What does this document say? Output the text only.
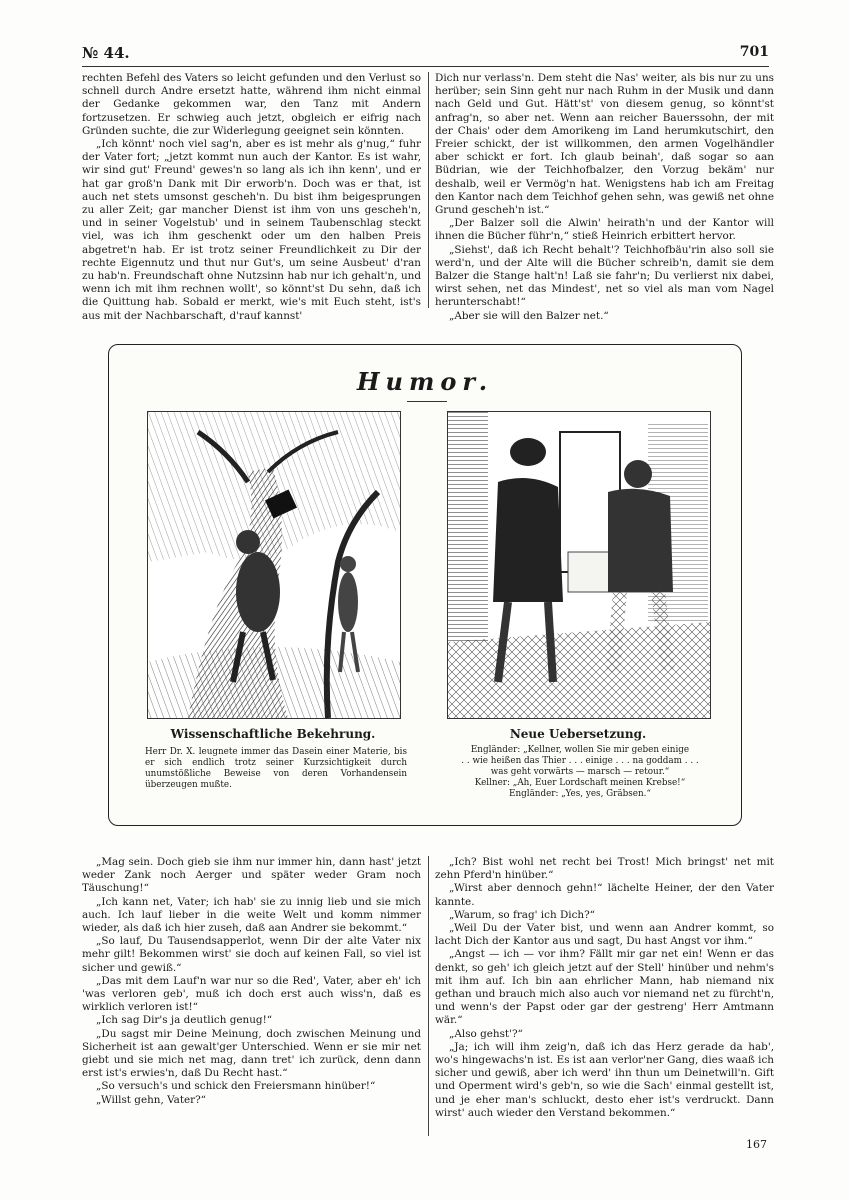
№ 44.	701

rechten Befehl des Vaters so leicht gefunden und den Verlust so schnell durch Andre ersetzt hatte, während ihm nicht einmal der Gedanke gekommen war, den Tanz mit Andern fortzusetzen. Er schwieg auch jetzt, obgleich er eifrig nach Gründen suchte, die zur Widerlegung geeignet sein könnten.

„Ich könnt' noch viel sag'n, aber es ist mehr als g'nug,“ fuhr der Vater fort; „jetzt kommt nun auch der Kantor. Es ist wahr, wir sind gut' Freund' gewes'n so lang als ich ihn kenn', und er hat gar groß'n Dank mit Dir erworb'n. Doch was er that, ist auch net stets umsonst gescheh'n. Du bist ihm beigesprungen zu aller Zeit; gar mancher Dienst ist ihm von uns gescheh'n, und in seiner Vogelstub' und in seinem Taubenschlag steckt viel, was ich ihm geschenkt oder um den halben Preis abgetret'n hab. Er ist trotz seiner Freundlichkeit zu Dir der rechte Eigennutz und thut nur Gut's, um seine Ausbeut' d'ran zu hab'n. Freundschaft ohne Nutzsinn hab nur ich gehalt'n, und wenn ich mit ihm rechnen wollt', so könnt'st Du sehn, daß ich die Quittung hab. Sobald er merkt, wie's mit Euch steht, ist's aus mit der Nachbarschaft, d'rauf kannst'

Dich nur verlass'n. Dem steht die Nas' weiter, als bis nur zu uns herüber; sein Sinn geht nur nach Ruhm in der Musik und dann nach Geld und Gut. Hätt'st' von diesem genug, so könnt'st anfrag'n, so aber net. Wenn aan reicher Bauerssohn, der mit der Chais' oder dem Amorikeng im Land herumkutschirt, den Freier schickt, der ist willkommen, den armen Vogelhändler aber schickt er fort. Ich glaub beinah', daß sogar so aan Büdrian, wie der Teichhofbalzer, den Vorzug bekäm' nur deshalb, weil er Vermög'n hat. Wenigstens hab ich am Freitag den Kantor nach dem Teichhof gehen sehn, was gewiß net ohne Grund gescheh'n ist.“

„Der Balzer soll die Alwin' heirath'n und der Kantor will ihnen die Bücher führ'n,“ stieß Heinrich erbittert hervor.

„Siehst', daß ich Recht behalt'? Teichhofbäu'rin also soll sie werd'n, und der Alte will die Bücher schreib'n, damit sie dem Balzer die Stange halt'n! Laß sie fahr'n; Du verlierst nix dabei, wirst sehen, net das Mindest', net so viel als man vom Nagel herunterschabt!“

„Aber sie will den Balzer net.“

Humor.
Wissenschaftliche Bekehrung.	Neue Uebersetzung.
Herr Dr. X. leugnete immer das Dasein einer Materie, bis er sich endlich trotz seiner Kurzsichtigkeit durch unumstößliche Beweise von deren Vorhandensein überzeugen mußte.
Engländer: „Kellner, wollen Sie mir geben einige
. . wie heißen das Thier . . . einige . . . na goddam . . .
was geht vorwärts — marsch — retour.“
Kellner: „Ah, Euer Lordschaft meinen Krebse!“
Engländer: „Yes, yes, Gräbsen.“

„Mag sein. Doch gieb sie ihm nur immer hin, dann hast' jetzt weder Zank noch Aerger und später weder Gram noch Täuschung!“

„Ich kann net, Vater; ich hab' sie zu innig lieb und sie mich auch. Ich lauf lieber in die weite Welt und komm nimmer wieder, als daß ich hier zuseh, daß aan Andrer sie bekommt.“

„So lauf, Du Tausendsapperlot, wenn Dir der alte Vater nix mehr gilt! Bekommen wirst' sie doch auf keinen Fall, so viel ist sicher und gewiß.“

„Das mit dem Lauf'n war nur so die Red', Vater, aber eh' ich 'was verloren geb', muß ich doch erst auch wiss'n, daß es wirklich verloren ist!“

„Ich sag Dir's ja deutlich genug!“

„Du sagst mir Deine Meinung, doch zwischen Meinung und Sicherheit ist aan gewalt'ger Unterschied. Wenn er sie mir net giebt und sie mich net mag, dann tret' ich zurück, denn dann erst ist's erwies'n, daß Du Recht hast.“

„So versuch's und schick den Freiersmann hinüber!“

„Willst gehn, Vater?“

„Ich? Bist wohl net recht bei Trost! Mich bringst' net mit zehn Pferd'n hinüber.“

„Wirst aber dennoch gehn!“ lächelte Heiner, der den Vater kannte.

„Warum, so frag' ich Dich?“

„Weil Du der Vater bist, und wenn aan Andrer kommt, so lacht Dich der Kantor aus und sagt, Du hast Angst vor ihm.“

„Angst — ich — vor ihm? Fällt mir gar net ein! Wenn er das denkt, so geh' ich gleich jetzt auf der Stell' hinüber und nehm's mit ihm auf. Ich bin aan ehrlicher Mann, hab niemand nix gethan und brauch mich also auch vor niemand net zu fürcht'n, und wenn's der Papst oder gar der gestreng' Herr Amtmann wär.“

„Also gehst'?“

„Ja; ich will ihm zeig'n, daß ich das Herz gerade da hab', wo's hingewachs'n ist. Es ist aan verlor'ner Gang, dies waaß ich sicher und gewiß, aber ich werd' ihn thun um Deinetwill'n. Gift und Operment wird's geb'n, so wie die Sach' einmal gestellt ist, und je eher man's schluckt, desto eher ist's verdruckt. Dann wirst' auch wieder den Verstand bekommen.“

167
